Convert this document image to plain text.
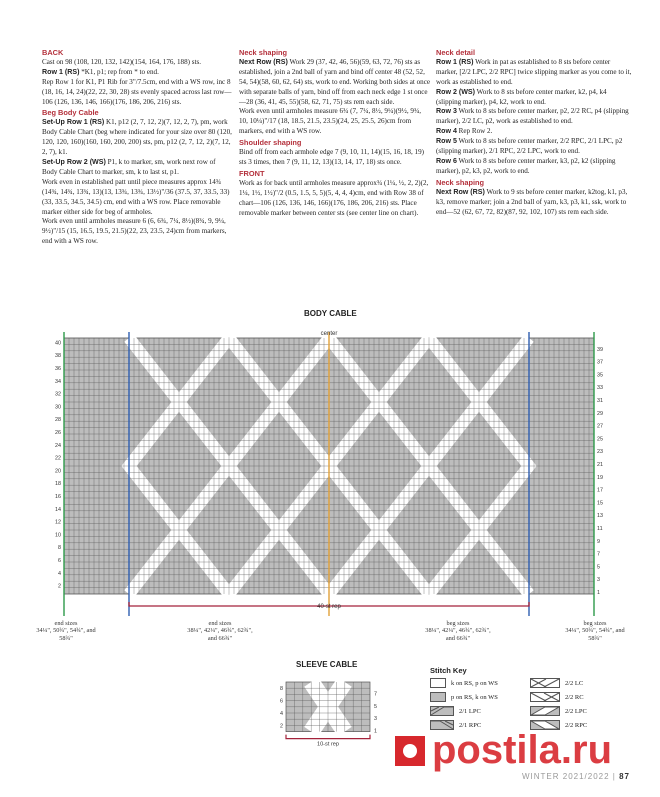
BACK

Cast on 98 (108, 120, 132, 142)(154, 164, 176, 188) sts.

Row 1 (RS) *K1, p1; rep from * to end.

Rep Row 1 for K1, P1 Rib for 3"/7.5cm, end with a WS row, inc 8 (18, 16, 14, 24)(22, 22, 30, 28) sts evenly spaced across last row—106 (126, 136, 146, 166)(176, 186, 206, 216) sts.

Beg Body Cable

Set-Up Row 1 (RS) K1, p12 (2, 7, 12, 2)(7, 12, 2, 7), pm, work Body Cable Chart (beg where indicated for your size over 80 (120, 120, 120, 160)(160, 160, 200, 200) sts, pm, p12 (2, 7, 12, 2)(7, 12, 2, 7), k1.

Set-Up Row 2 (WS) P1, k to marker, sm, work next row of Body Cable Chart to marker, sm, k to last st, p1.

Work even in established patt until piece measures approx 14¾ (14¾, 14¾, 13¾, 13)(13, 13¾, 13¾, 13½)"/36 (37.5, 37, 33.5, 33)(33, 33.5, 34.5, 34.5) cm, end with a WS row. Place removable marker either side for beg of armholes.

Work even until armholes measure 6 (6, 6¾, 7¼, 8½)(8¾, 9, 9¼, 9½)"/15 (15, 16.5, 19.5, 21.5)(22, 23, 23.5, 24)cm from markers, end with a WS row.

Neck shaping

Next Row (RS) Work 29 (37, 42, 46, 56)(59, 63, 72, 76) sts as established, join a 2nd ball of yarn and bind off center 48 (52, 52, 54, 54)(58, 60, 62, 64) sts, work to end. Working both sides at once with separate balls of yarn, bind off from each neck edge 1 st once—28 (36, 41, 45, 55)(58, 62, 71, 75) sts rem each side.

Work even until armholes measure 6¾ (7, 7¼, 8½, 9¼)(9½, 9¾, 10, 10¼)"/17 (18, 18.5, 21.5, 23.5)(24, 25, 25.5, 26)cm from markers, end with a WS row.

Shoulder shaping

Bind off from each armhole edge 7 (9, 10, 11, 14)(15, 16, 18, 19) sts 3 times, then 7 (9, 11, 12, 13)(13, 14, 17, 18) sts once.

FRONT

Work as for back until armholes measure approx¾ (1¼, ½, 2, 2)(2, 1¼, 1½, 1½)"/2 (0.5, 1.5, 5, 5)(5, 4, 4, 4)cm, end with Row 38 of chart—106 (126, 136, 146, 166)(176, 186, 206, 216) sts. Place removable marker between center sts (see center line on chart).

Neck detail

Row 1 (RS) Work in pat as established to 8 sts before center marker, [2/2 LPC, 2/2 RPC] twice slipping marker as you come to it, work as established to end.

Row 2 (WS) Work to 8 sts before center marker, k2, p4, k4 (slipping marker), p4, k2, work to end.

Row 3 Work to 8 sts before center marker, p2, 2/2 RC, p4 (slipping marker), 2/2 LC, p2, work as established to end.

Row 4 Rep Row 2.

Row 5 Work to 8 sts before center marker, 2/2 RPC, 2/1 LPC, p2 (slipping marker), 2/1 RPC, 2/2 LPC, work to end.

Row 6 Work to 8 sts before center marker, k3, p2, k2 (slipping marker), p2, k3, p2, work to end.

Neck shaping

Next Row (RS) Work to 9 sts before center marker, k2tog, k1, p3, k3, remove marker; join a 2nd ball of yarn, k3, p3, k1, ssk, work to end—52 (62, 67, 72, 82)(87, 92, 102, 107) sts rem each side.

BODY CABLE
center
40-st rep
40
38
36
34
32
30
28
26
24
22
20
18
16
14
12
10
8
6
4
2
39
37
35
33
31
29
27
25
23
21
19
17
15
13
11
9
7
5
3
1
end sizes
34¼", 50¾", 54¾", and 58¾"
end sizes
38¼", 42¼", 46¾", 62¾", and 66¾"
beg sizes
38¼", 42¼", 46¾", 62¾", and 66¾"
beg sizes
34¼", 50¾", 54¾", and 58¾"
SLEEVE CABLE
8
6
4
2
7
5
3
1
10-st rep
Stitch Key
k on RS, p on WS
p on RS, k on WS
2/1 LPC
2/1 RPC
2/2 LC
2/2 RC
2/2 LPC
2/2 RPC
WINTER 2021/2022 | 87
postila.ru
